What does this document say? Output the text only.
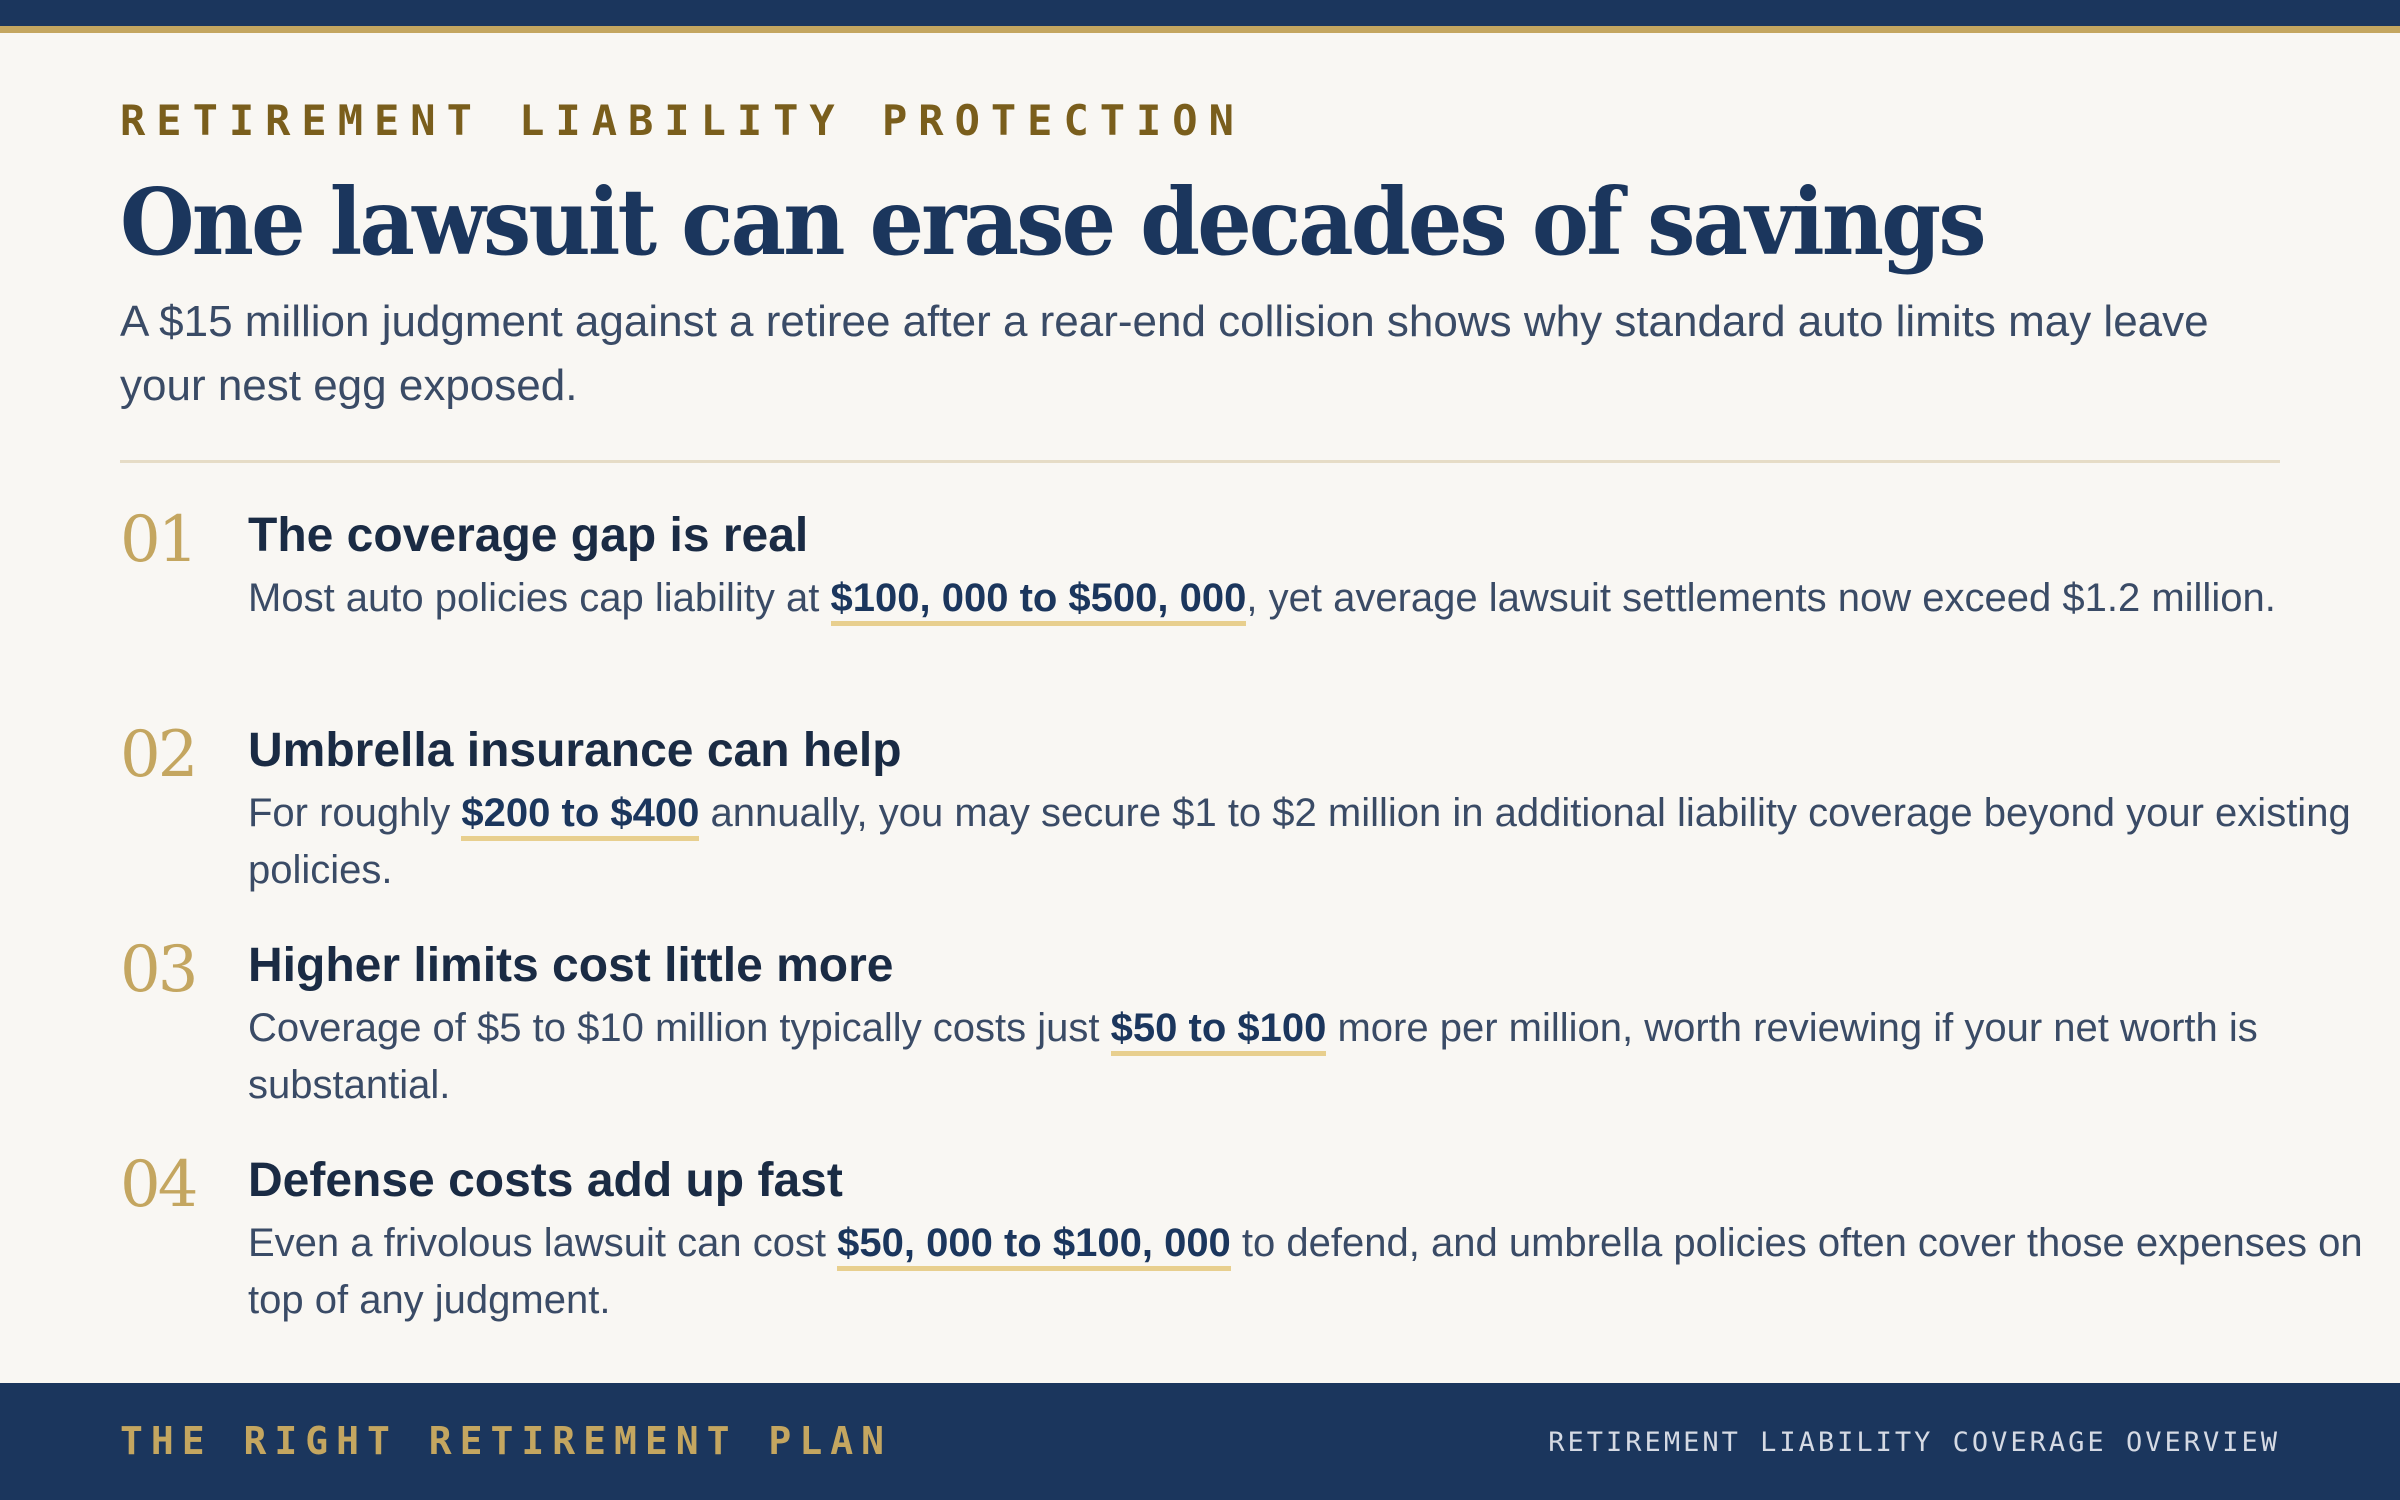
RETIREMENT LIABILITY PROTECTION
One lawsuit can erase decades of savings

A $15 million judgment against a retiree after a rear-end collision shows why standard auto limits may leave your nest egg exposed.

01 The coverage gap is real

Most auto policies cap liability at $100, 000 to $500, 000, yet average lawsuit settlements now exceed $1.2 million.

02 Umbrella insurance can help

For roughly $200 to $400 annually, you may secure $1 to $2 million in additional liability coverage beyond your existing policies.

03 Higher limits cost little more

Coverage of $5 to $10 million typically costs just $50 to $100 more per million, worth reviewing if your net worth is substantial.

04 Defense costs add up fast

Even a frivolous lawsuit can cost $50, 000 to $100, 000 to defend, and umbrella policies often cover those expenses on top of any judgment.

THE RIGHT RETIREMENT PLAN	RETIREMENT LIABILITY COVERAGE OVERVIEW
